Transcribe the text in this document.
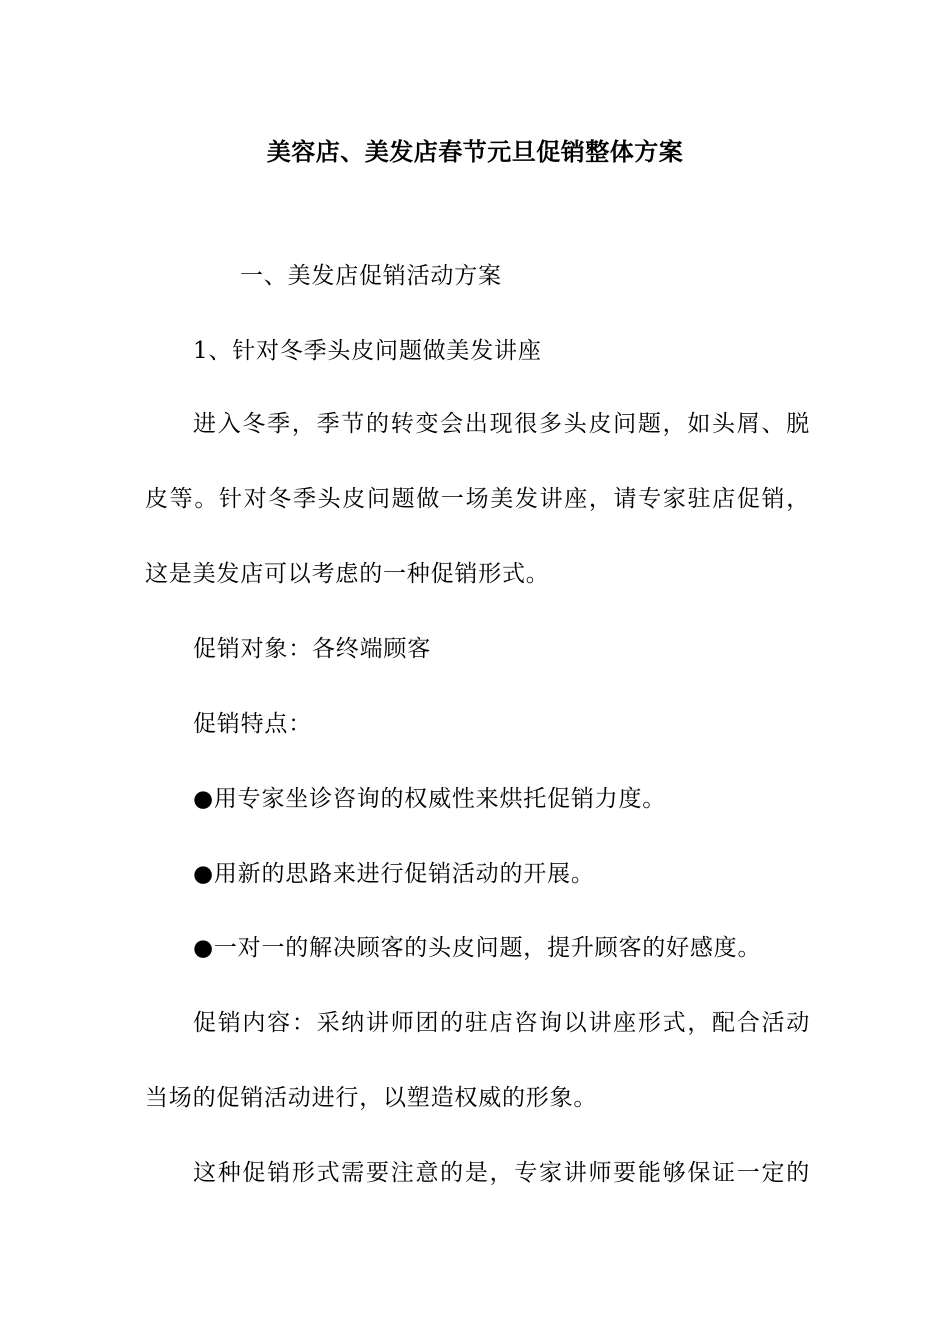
美容店、美发店春节元旦促销整体方案
一、美发店促销活动方案
1、针对冬季头皮问题做美发讲座
进入冬季，季节的转变会出现很多头皮问题，如头屑、脱
皮等。针对冬季头皮问题做一场美发讲座，请专家驻店促销，
这是美发店可以考虑的一种促销形式。
促销对象：各终端顾客
促销特点：
●用专家坐诊咨询的权威性来烘托促销力度。
●用新的思路来进行促销活动的开展。
●一对一的解决顾客的头皮问题，提升顾客的好感度。
促销内容：采纳讲师团的驻店咨询以讲座形式，配合活动
当场的促销活动进行，以塑造权威的形象。
这种促销形式需要注意的是，专家讲师要能够保证一定的
